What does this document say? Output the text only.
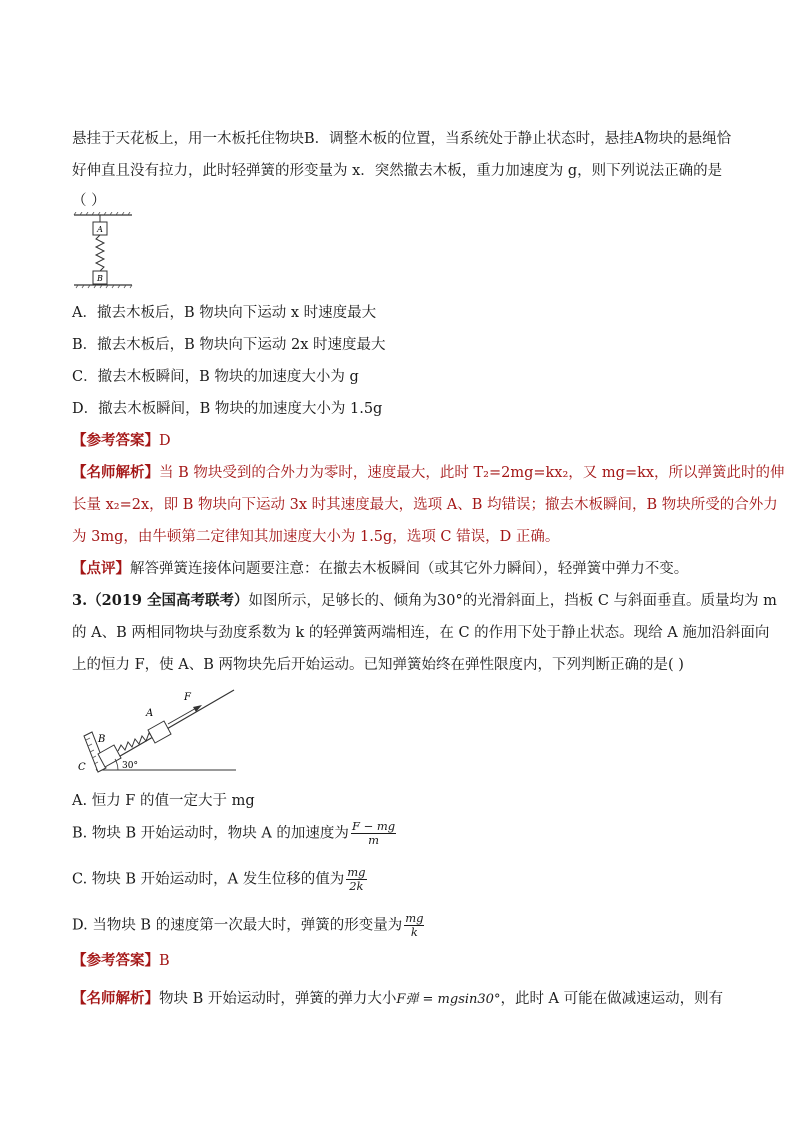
悬挂于天花板上，用一木板托住物块B．调整木板的位置，当系统处于静止状态时，悬挂A物块的悬绳恰
好伸直且没有拉力，此时轻弹簧的形变量为 x．突然撤去木板，重力加速度为 g，则下列说法正确的是
（ ）
A
B
A．撤去木板后，B 物块向下运动 x 时速度最大
B．撤去木板后，B 物块向下运动 2x 时速度最大
C．撤去木板瞬间，B 物块的加速度大小为 g
D．撤去木板瞬间，B 物块的加速度大小为 1.5g
【参考答案】D
【名师解析】当 B 物块受到的合外力为零时，速度最大，此时 T₂=2mg=kx₂，又 mg=kx，所以弹簧此时的伸
长量 x₂=2x，即 B 物块向下运动 3x 时其速度最大，选项 A、B 均错误；撤去木板瞬间，B 物块所受的合外力
为 3mg，由牛顿第二定律知其加速度大小为 1.5g，选项 C 错误，D 正确。
【点评】解答弹簧连接体问题要注意：在撤去木板瞬间（或其它外力瞬间），轻弹簧中弹力不变。
3.（2019 全国高考联考）如图所示，足够长的、倾角为30°的光滑斜面上，挡板 C 与斜面垂直。质量均为 m
的 A、B 两相同物块与劲度系数为 k 的轻弹簧两端相连，在 C 的作用下处于静止状态。现给 A 施加沿斜面向
上的恒力 F，使 A、B 两物块先后开始运动。已知弹簧始终在弹性限度内，下列判断正确的是( )
C
B
A
F
30°
A. 恒力 F 的值一定大于 mg
B. 物块 B 开始运动时，物块 A 的加速度为 $\frac{F - mg}{m}$
C. 物块 B 开始运动时，A 发生位移的值为 $\frac{mg}{2k}$
D. 当物块 B 的速度第一次最大时，弹簧的形变量为 $\frac{mg}{k}$
【参考答案】B
【名师解析】物块 B 开始运动时，弹簧的弹力大小F弹 = mgsin30°，此时 A 可能在做减速运动，则有
